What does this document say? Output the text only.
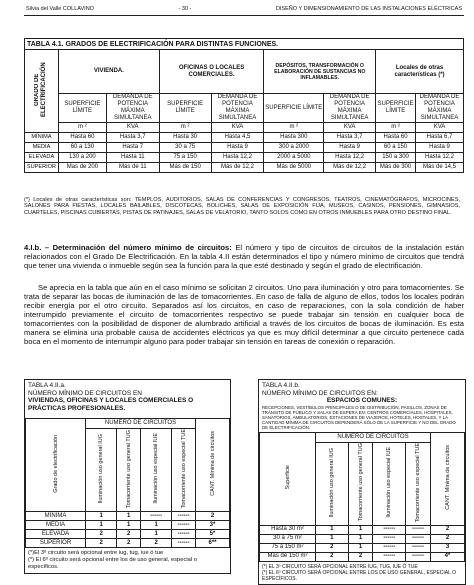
Silvia del Valle COLLAVINO	- 30 -	DISEÑO Y DIMENSIONAMIENTO DE LAS INSTALACIONES ELÉCTRICAS
TABLA 4.1. GRADOS DE ELECTRIFICACIÓN PARA DISTINTAS FUNCIONES.								
GRADO DE ELECTRIFICACIÓN	VIVIENDA.		OFICINAS O LOCALES COMERCIALES.		DEPÓSITOS, TRANSFORMACIÓN O ELABORACIÓN DE SUSTANCIAS NO INFLAMABLES.		Locales de otras características (*)	
	SUPERFICIE LÍMITE	DEMANDA DE POTENCIA MÁXIMA SIMULTANEA	SUPERFICIE LÍMITE	DEMANDA DE POTENCIA MÁXIMA SIMULTANEA	SUPERFICIE LÍMITE	DEMANDA DE POTENCIA MÁXIMA SIMULTANEA	SUPERFICIE LÍMITE	DEMANDA DE POTENCIA MÁXIMA SIMULTANEA
	m ²	KVA	m ²	KVA	m ²	KVA	m ²	KVA
MÍNIMA	Hasta 60	Hasta 3,7	Hasta 30	Hasta 4,5	Hasta 300	Hasta 3,7	Hasta 60	Hasta 6,7
MEDIA	60 a 130	Hasta 7	30 a 75	Hasta 9	300 a 2000	Hasta 9	60 a 150	Hasta 9
ELEVADA	130 a 200	Hasta 11	75 a 150	Hasta 12,2	2000 a 5000	Hasta 12,2	150 a 300	Hasta 12,2
SUPERIOR	Mas de 200	Más de 11	Más de 150	Más de 12,2	Más de 5000	Más de 12,2	Más de 300	Más de 14,5
(*) Locales de otras características son: TEMPLOS, AUDITORIOS, SALAS DE CONFERENCIAS Y CONGRESOS, TEATROS, CINEMATÓGRAFOS, MICROCINES, SALONES PARA FIESTAS, LOCALES BAILABLES, DISCOTECAS, BOLICHES, SALAS DE EXPOSICIÓN FIJA, MUSEOS, CASINOS, PENSIONES, GIMNASIOS, CUARTELES, PISCINAS CUBIERTAS, PISTAS DE PATINAJES, SALAS DE VELATORIO, TANTO SOLOS COMO EN OTROS INMUEBLES PARA OTRO DESTINO FINAL.
4.I.b. – Determinación del número mínimo de circuitos: El número y tipo de circuitos de circuitos de la instalación están relacionados con el Grado De Electrificación. En la tabla 4.II están determinados el tipo y número mínimo de circuitos que tendrá que tener una vivienda o inmueble según sea la función para la que esté destinado y según el grado de electrificación.
Se aprecia en la tabla que aún en el caso mínimo se solicitan 2 circuitos. Uno para iluminación y otro para tomacorrientes. Se trata de separar las bocas de iluminación de las de tomacorrientes. En caso de falla de alguno de ellos, todos los locales podrán recibir energía por el otro circuito. Separados así los circuitos, en caso de reparaciones, con la sola condición de haber interrumpido previamente el circuito de tomacorrientes respectivo se puede trabajar sin tensión en cualquier boca de tomacorrientes con la posibilidad de disponer de alumbrado artificial a través de los circuitos de bocas de iluminación. Es esta manera se elimina una probable causa de accidentes eléctricos ya que es muy difícil determinar a que circuito pertenece cada boca en el momento de interrumpir alguno para poder trabajar sin tensión en tareas de conexión o reparación.
TABLA 4.II.a.
NÚMERO MÍNIMO DE CIRCUITOS EN
VIVIENDAS, OFICINAS Y LOCALES COMERCIALES O PRÁCTICAS PROFESIONALES.
Grado de electrificación	NÚMERO DE CIRCUITOS				CANT. Mínima de circuitos
	Iluminación uso general IUG	Tomacorriente uso general TUG	Iluminación uso especial IUE	Tomacorriente uso especial TUE	
MÍNIMA	1	1	------	------	2
MEDIA	1	1	1	------	3*
ELEVADA	2	2	1	------	5*
SUPERIOR	2	2	2	------	6**
(*)El 3º circuito será opcional entre iug, tug, iue ó tue
(*) El 6º circuito será opcional entre los de uso general, especial o específicos.
TABLA 4.II.b.
NÚMERO MÍNIMO DE CIRCUITOS EN:
ESPACIOS COMUNES:
RECEPCIONES, VESTÍBULOS PRINCIPALES O DE DISTRIBUCIÓN, PASILLOS, ZONAS DE TRÁNSITO DE PÚBLICO Y SALAS DE ESPERA EN: CENTROS COMERCIALES, HOSPITALES, SANATORIOS, AMBULATORIOS, ESTACIONES DE VIAJEROS, HOTELES, HOSTALES, Y LA CANTIDAD MÍNIMA DE CIRCUITOS DEPENDERÁ SÓLO DE LA SUPERFICIE Y NO DEL GRADO DE ELECTRIFICACIÓN.
Superficie	NÚMERO DE CIRCUITOS				CANT. Mínima de circuitos
	Iluminación uso general IUG	Tomacorriente uso general TUG	Iluminación uso especial IUE	Tomacorriente uso especial TUE	
Hasta 30 m²	1	1	------	------	2
30 a 75 m²	1	1	------	------	2
75 a 150 m²	2	1	------	------	3
Mas de 150 m²	2	2	------	------	4*
(*) EL 3º CIRCUITO SERÁ OPCIONAL ENTRE IUG, TUG, IUE Ó TUE
(*) EL 6º CIRCUITO SERÁ OPCIONAL ENTRE LOS DE USO GENERAL, ESPECIAL O ESPECÍFICOS.
